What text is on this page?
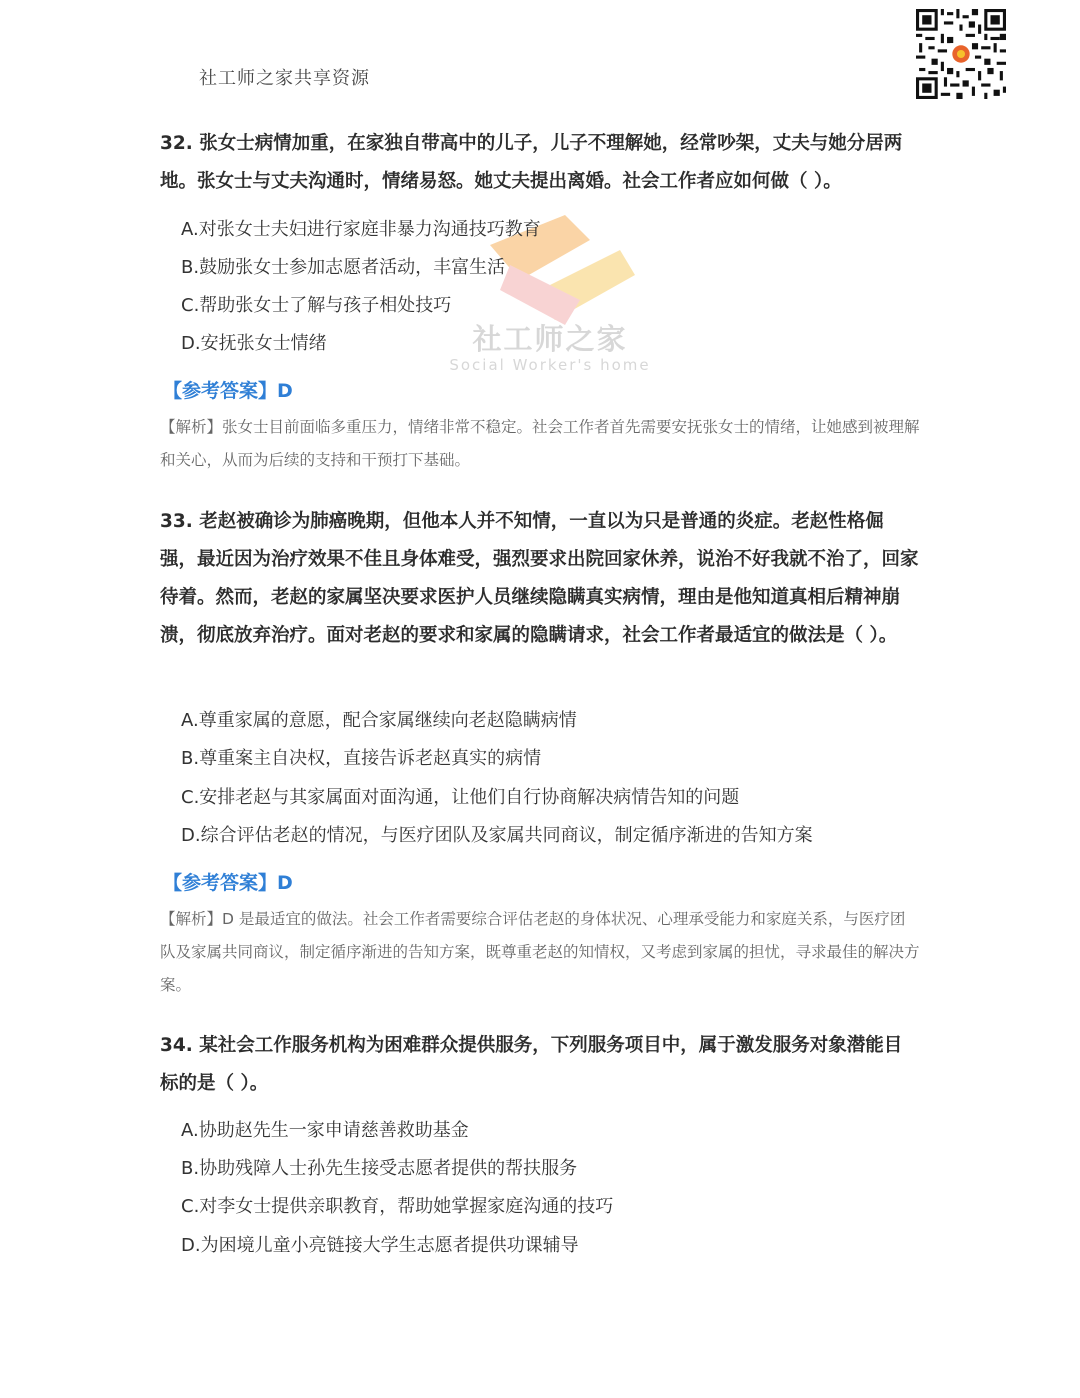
社工师之家共享资源
社工师之家
Social Worker's home

32. 张女士病情加重，在家独自带高中的儿子，儿子不理解她，经常吵架，丈夫与她分居两地。张女士与丈夫沟通时，情绪易怒。她丈夫提出离婚。社会工作者应如何做（ ）。

A.对张女士夫妇进行家庭非暴力沟通技巧教育

B.鼓励张女士参加志愿者活动，丰富生活

C.帮助张女士了解与孩子相处技巧

D.安抚张女士情绪

【参考答案】D

【解析】张女士目前面临多重压力，情绪非常不稳定。社会工作者首先需要安抚张女士的情绪，让她感到被理解和关心，从而为后续的支持和干预打下基础。

33. 老赵被确诊为肺癌晚期，但他本人并不知情，一直以为只是普通的炎症。老赵性格倔强，最近因为治疗效果不佳且身体难受，强烈要求出院回家休养，说治不好我就不治了，回家待着。然而，老赵的家属坚决要求医护人员继续隐瞒真实病情，理由是他知道真相后精神崩溃，彻底放弃治疗。面对老赵的要求和家属的隐瞒请求，社会工作者最适宜的做法是（ ）。

A.尊重家属的意愿，配合家属继续向老赵隐瞒病情

B.尊重案主自决权，直接告诉老赵真实的病情

C.安排老赵与其家属面对面沟通，让他们自行协商解决病情告知的问题

D.综合评估老赵的情况，与医疗团队及家属共同商议，制定循序渐进的告知方案

【参考答案】D

【解析】D 是最适宜的做法。社会工作者需要综合评估老赵的身体状况、心理承受能力和家庭关系，与医疗团队及家属共同商议，制定循序渐进的告知方案，既尊重老赵的知情权，又考虑到家属的担忧，寻求最佳的解决方案。

34. 某社会工作服务机构为困难群众提供服务，下列服务项目中，属于激发服务对象潜能目标的是（ ）。

A.协助赵先生一家申请慈善救助基金

B.协助残障人士孙先生接受志愿者提供的帮扶服务

C.对李女士提供亲职教育，帮助她掌握家庭沟通的技巧

D.为困境儿童小亮链接大学生志愿者提供功课辅导
